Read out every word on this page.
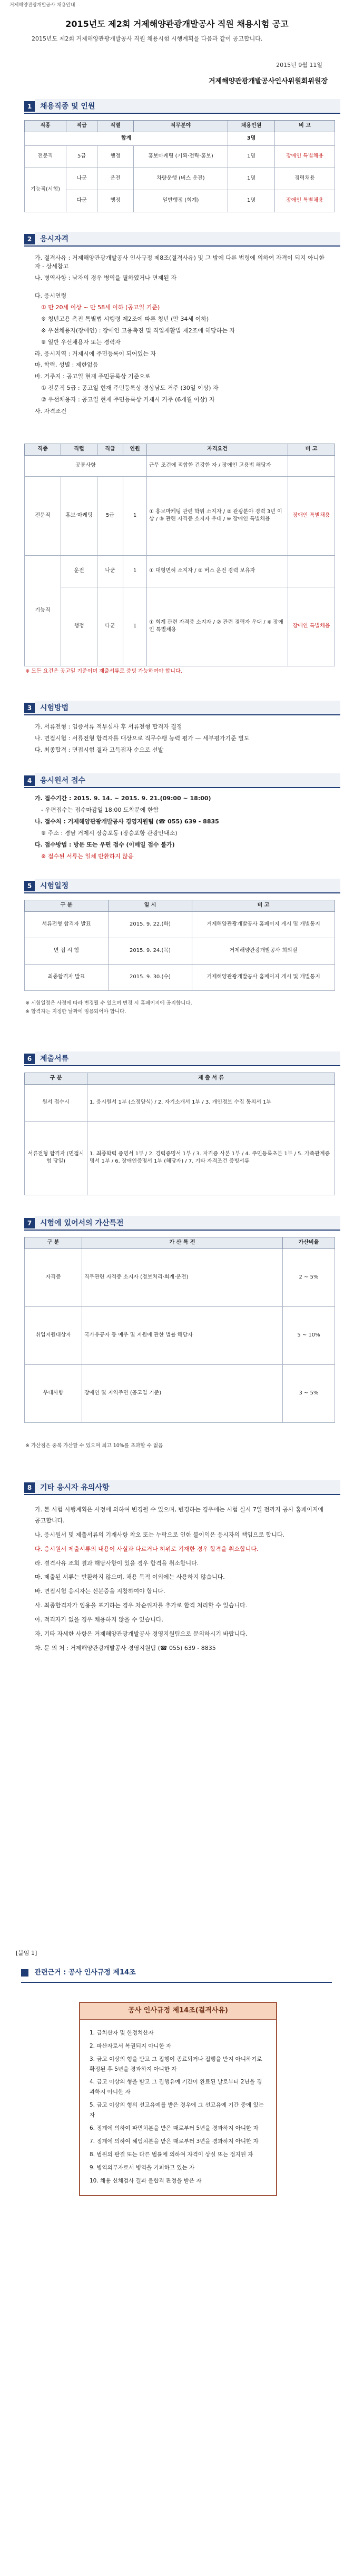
거제해양관광개발공사 채용안내
2015년도 제2회 거제해양관광개발공사 직원 채용시험 공고
2015년도 제2회 거제해양관광개발공사 직원 채용시험 시행계획을 다음과 같이 공고합니다.
2015년 9월 11일
거제해양관광개발공사인사위원회위원장
1	채용직종 및 인원
직종	직급	직렬	직무분야	채용인원	비 고
합계				3명	
전문직	5급	행정	홍보마케팅 (기획·전략·홍보)	1명	장애인 특별채용
기능직(시험)	나군	운전	차량운행 (버스 운전)	1명	경력채용
	다군	행정	일반행정 (회계)	1명	장애인 특별채용
2	응시자격

가. 결격사유 : 거제해양관광개발공사 인사규정 제8조(결격사유) 및 그 밖에 다른 법령에 의하여 자격이 되지 아니한 자 - 상세참고

나. 병역사항 : 남자의 경우 병역을 필하였거나 면제된 자

다. 응시연령

① 만 20세 이상 ~ 만 58세 이하 (공고일 기준)

※ 청년고용 촉진 특별법 시행령 제2조에 따른 청년 (만 34세 이하)

※ 우선채용자(장애인) : 장애인 고용촉진 및 직업재활법 제2조에 해당하는 자

※ 일반 우선채용자 또는 경력자

라. 응시지역 : 거제시에 주민등록이 되어있는 자

마. 학력, 성별 : 제한없음

바. 거주지 : 공고일 현재 주민등록상 기준으로

① 전문직 5급 : 공고일 현재 주민등록상 경상남도 거주 (30일 이상) 자

② 우선채용자 : 공고일 현재 주민등록상 거제시 거주 (6개월 이상) 자

사. 자격조건

직종	직렬	직급	인원	자격요건	비 고
공통사항				근무 조건에 적합한 건강한 자 / 장애인 고용법 해당자	
전문직	홍보·마케팅	5급	1	① 홍보마케팅 관련 학위 소지자 / ② 관광분야 경력 3년 이상 / ③ 관련 자격증 소지자 우대 / ※ 장애인 특별채용	장애인 특별채용
기능직	운전	나군	1	① 대형면허 소지자 / ② 버스 운전 경력 보유자	
	행정	다군	1	① 회계 관련 자격증 소지자 / ② 관련 경력자 우대 / ※ 장애인 특별채용	장애인 특별채용
※ 모든 요건은 공고일 기준이며 제출서류로 증빙 가능하여야 합니다.
3	시험방법

가. 서류전형 : 입증서류 적부심사 후 서류전형 합격자 결정

나. 면접시험 : 서류전형 합격자를 대상으로 직무수행 능력 평가 — 세부평가기준 별도

다. 최종합격 : 면접시험 결과 고득점자 순으로 선발

4	응시원서 접수

가. 접수기간 : 2015. 9. 14. ~ 2015. 9. 21.(09:00 ~ 18:00)

- 우편접수는 접수마감일 18:00 도착분에 한함

나. 접수처 : 거제해양관광개발공사 경영지원팀 (☎ 055) 639 - 8835

※ 주소 : 경남 거제시 장승포동 (장승포항 관광안내소)

다. 접수방법 : 방문 또는 우편 접수 (이메일 접수 불가)

※ 접수된 서류는 일체 반환하지 않음

5	시험일정
구 분	일 시	비 고
서류전형 합격자 발표	2015. 9. 22.(화)	거제해양관광개발공사 홈페이지 게시 및 개별통지
면 접 시 험	2015. 9. 24.(목)	거제해양관광개발공사 회의실
최종합격자 발표	2015. 9. 30.(수)	거제해양관광개발공사 홈페이지 게시 및 개별통지
※ 시험일정은 사정에 따라 변경될 수 있으며 변경 시 홈페이지에 공지합니다.
※ 합격자는 지정한 날짜에 임용되어야 합니다.
6	제출서류
구 분	제 출 서 류
원서 접수시	1. 응시원서 1부 (소정양식) / 2. 자기소개서 1부 / 3. 개인정보 수집 동의서 1부
서류전형 합격자 (면접시험 당일)	1. 최종학력 증명서 1부 / 2. 경력증명서 1부 / 3. 자격증 사본 1부 / 4. 주민등록초본 1부 / 5. 가족관계증명서 1부 / 6. 장애인증명서 1부 (해당자) / 7. 기타 자격조건 증빙서류
7	시험에 있어서의 가산특전
구 분	가 산 특 전	가산비율
자격증	직무관련 자격증 소지자 (정보처리·회계·운전)	2 ~ 5%
취업지원대상자	국가유공자 등 예우 및 지원에 관한 법률 해당자	5 ~ 10%
우대사항	장애인 및 지역주민 (공고일 기준)	3 ~ 5%
※ 가산점은 중복 가산할 수 있으며 최고 10%를 초과할 수 없음
8	기타 응시자 유의사항

가. 본 시험 시행계획은 사정에 의하여 변경될 수 있으며, 변경하는 경우에는 시험 실시 7일 전까지 공사 홈페이지에 공고합니다.

나. 응시원서 및 제출서류의 기재사항 착오 또는 누락으로 인한 불이익은 응시자의 책임으로 합니다.

다. 응시원서 제출서류의 내용이 사실과 다르거나 허위로 기재한 경우 합격을 취소합니다.

라. 결격사유 조회 결과 해당사항이 있을 경우 합격을 취소합니다.

마. 제출된 서류는 반환하지 않으며, 채용 목적 이외에는 사용하지 않습니다.

바. 면접시험 응시자는 신분증을 지참하여야 합니다.

사. 최종합격자가 임용을 포기하는 경우 차순위자를 추가로 합격 처리할 수 있습니다.

아. 적격자가 없을 경우 채용하지 않을 수 있습니다.

자. 기타 자세한 사항은 거제해양관광개발공사 경영지원팀으로 문의하시기 바랍니다.

차. 문 의 처 : 거제해양관광개발공사 경영지원팀 (☎ 055) 639 - 8835

[붙임 1]
관련근거 : 공사 인사규정 제14조
공사 인사규정 제14조(결격사유)
1. 금치산자 및 한정치산자
2. 파산자로서 복권되지 아니한 자
3. 금고 이상의 형을 받고 그 집행이 종료되거나 집행을 받지 아니하기로 확정된 후 5년을 경과하지 아니한 자
4. 금고 이상의 형을 받고 그 집행유예 기간이 완료된 날로부터 2년을 경과하지 아니한 자
5. 금고 이상의 형의 선고유예를 받은 경우에 그 선고유예 기간 중에 있는 자
6. 징계에 의하여 파면처분을 받은 때로부터 5년을 경과하지 아니한 자
7. 징계에 의하여 해임처분을 받은 때로부터 3년을 경과하지 아니한 자
8. 법원의 판결 또는 다른 법률에 의하여 자격이 상실 또는 정지된 자
9. 병역의무자로서 병역을 기피하고 있는 자
10. 채용 신체검사 결과 불합격 판정을 받은 자
